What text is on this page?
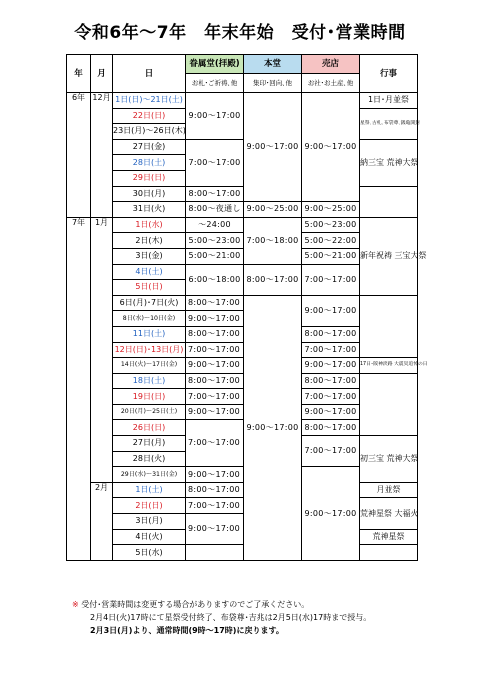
令和6年～7年　年末年始　受付･営業時間
年	月	日	眷属堂(拝殿)	本堂	売店	行事	
			お札･ご祈祷､他	集印･回向､他	お社･お土産､他		
6年	12月	1日(日)～21日(土)	9:00～17:00	9:00～17:00	9:00～17:00	1日･月並祭	
		22日(日)				星祭､古札､布袋尊､銭亀開封	
		23日(月)～26日(木)					
		27日(金)	7:00～17:00			納三宝 荒神大祭	
		28日(土)					
		29日(日)					
		30日(月)	8:00～17:00				
		31日(火)	8:00～夜通し	9:00～25:00	9:00～25:00		
7年	1月	1日(水)	～24:00	7:00～18:00	5:00～23:00	新年祝祷 三宝大祭	
		2日(木)	5:00～23:00		5:00～22:00		
		3日(金)	5:00～21:00		5:00～21:00		
		4日(土)	6:00～18:00	8:00～17:00	7:00～17:00		
		5日(日)					
		6日(月)･7日(火)	8:00～17:00	9:00～17:00	9:00～17:00		
		8日(水)～10日(金)	9:00～17:00				
		11日(土)	8:00～17:00		8:00～17:00		
		12日(日)･13日(月)	7:00～17:00		7:00～17:00		
		14日(火)～17日(金)	9:00～17:00		9:00～17:00	17日･阪神淡路 大震災追悼の日	
		18日(土)	8:00～17:00		8:00～17:00		
		19日(日)	7:00～17:00		7:00～17:00		
		20日(月)～25日(土)	9:00～17:00		9:00～17:00		
		26日(日)	7:00～17:00		8:00～17:00		
		27日(月)			7:00～17:00	初三宝 荒神大祭	
		28日(火)					
		29日(水)～31日(金)	9:00～17:00		9:00～17:00		
	2月	1日(土)	8:00～17:00			月並祭	
		2日(日)	7:00～17:00			荒神星祭 大福火	
		3日(月)	9:00～17:00				
		4日(火)				荒神星祭	
		5日(水)					
※ 受付･営業時間は変更する場合がありますのでご了承ください。
2月4日(火)17時にて星祭受付終了、布袋尊･吉兆は2月5日(水)17時まで授与。
2月3日(月)より、通常時間(9時～17時)に戻ります。
